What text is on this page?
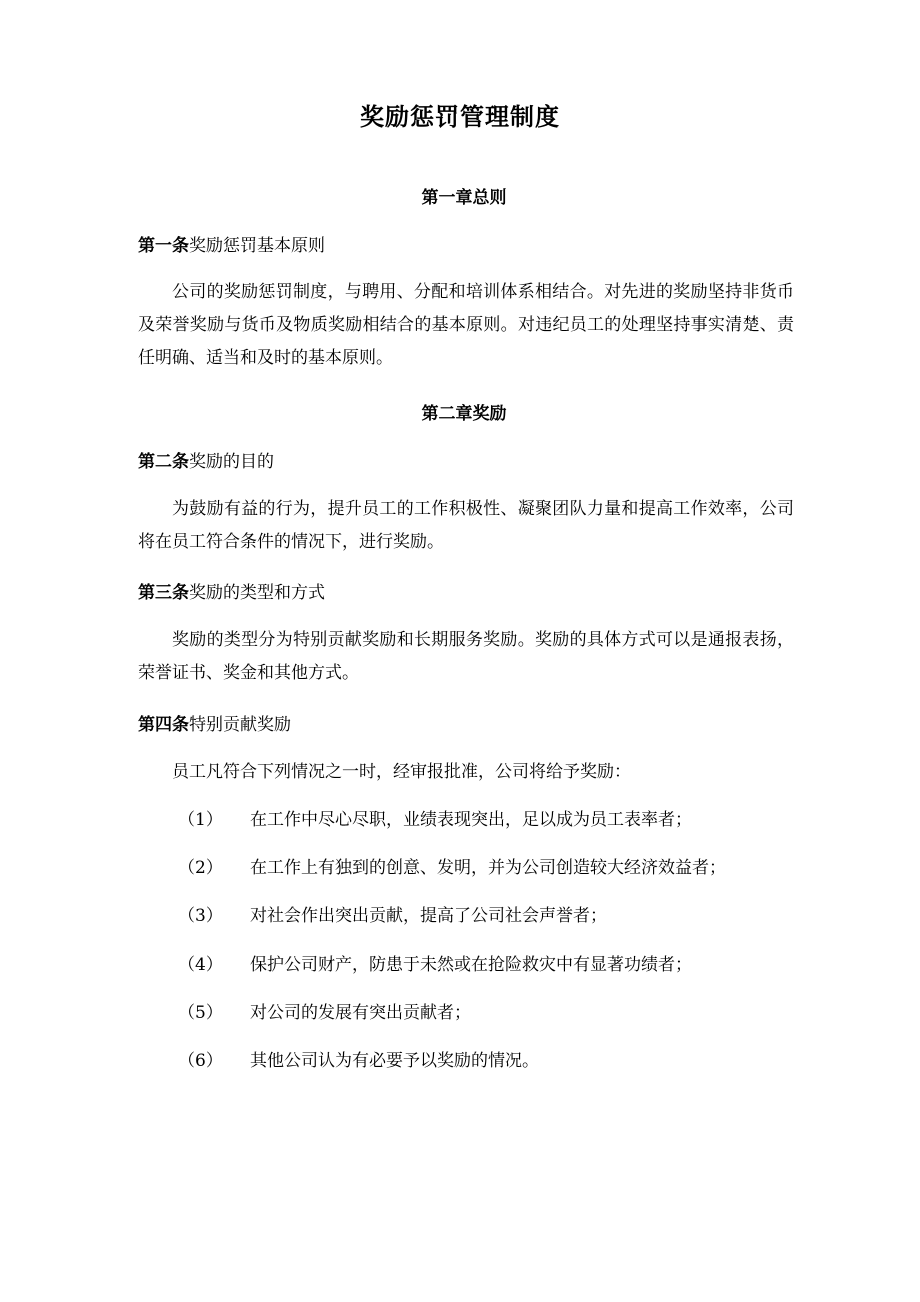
奖励惩罚管理制度
第一章总则
第一条奖励惩罚基本原则
公司的奖励惩罚制度，与聘用、分配和培训体系相结合。对先进的奖励坚持非货币及荣誉奖励与货币及物质奖励相结合的基本原则。对违纪员工的处理坚持事实清楚、责任明确、适当和及时的基本原则。
第二章奖励
第二条奖励的目的
为鼓励有益的行为，提升员工的工作积极性、凝聚团队力量和提高工作效率，公司将在员工符合条件的情况下，进行奖励。
第三条奖励的类型和方式
奖励的类型分为特别贡献奖励和长期服务奖励。奖励的具体方式可以是通报表扬，荣誉证书、奖金和其他方式。
第四条特别贡献奖励
员工凡符合下列情况之一时，经审报批准，公司将给予奖励：
（1）	在工作中尽心尽职，业绩表现突出，足以成为员工表率者；
（2）	在工作上有独到的创意、发明，并为公司创造较大经济效益者；
（3）	对社会作出突出贡献，提高了公司社会声誉者；
（4）	保护公司财产，防患于未然或在抢险救灾中有显著功绩者；
（5）	对公司的发展有突出贡献者；
（6）	其他公司认为有必要予以奖励的情况。
